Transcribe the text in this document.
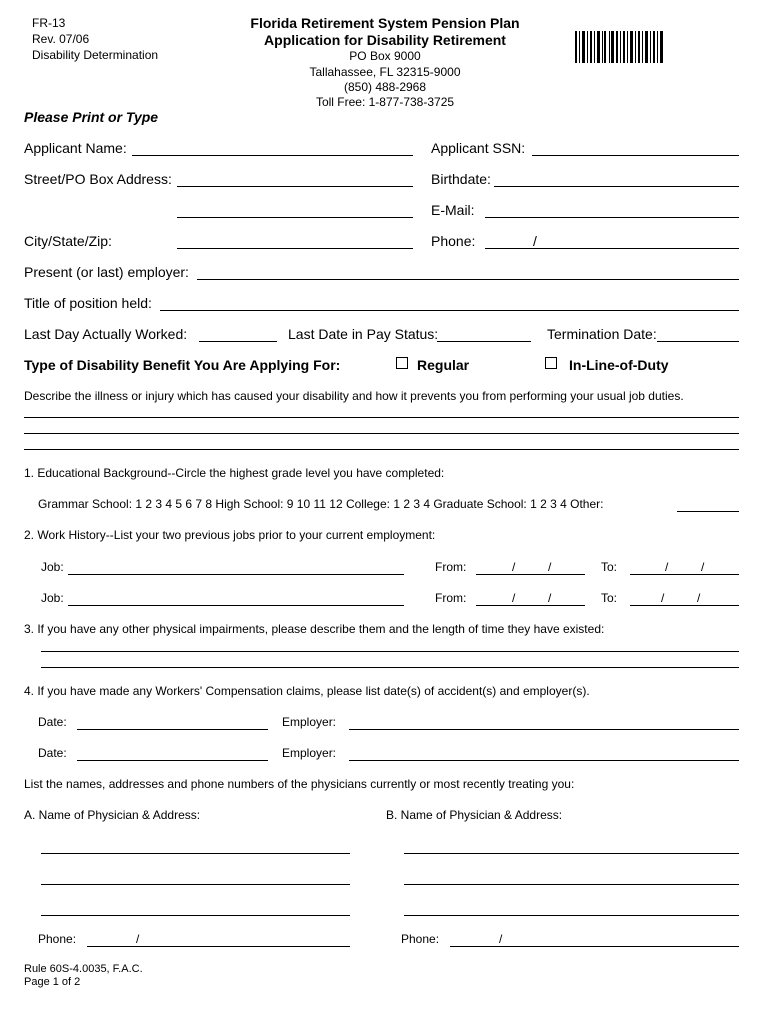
FR-13
Rev. 07/06
Disability Determination
Florida Retirement System Pension Plan
Application for Disability Retirement
PO Box 9000
Tallahassee, FL 32315-9000
(850) 488-2968
Toll Free: 1-877-738-3725
Please Print or Type
Applicant Name:	Applicant SSN:
Street/PO Box Address:	Birthdate:
E-Mail:
City/State/Zip:	Phone:	/
Present (or last) employer:
Title of position held:
Last Day Actually Worked:	Last Date in Pay Status:	Termination Date:
Type of Disability Benefit You Are Applying For:	Regular	In-Line-of-Duty
Describe the illness or injury which has caused your disability and how it prevents you from performing your usual job duties.
1. Educational Background--Circle the highest grade level you have completed:
Grammar School: 1 2 3 4 5 6 7 8 High School: 9 10 11 12 College: 1 2 3 4 Graduate School: 1 2 3 4 Other:
2. Work History--List your two previous jobs prior to your current employment:
Job:	From:	/	/	To:	/	/
Job:	From:	/	/	To:	/	/
3. If you have any other physical impairments, please describe them and the length of time they have existed:
4. If you have made any Workers' Compensation claims, please list date(s) of accident(s) and employer(s).
Date:	Employer:
Date:	Employer:
List the names, addresses and phone numbers of the physicians currently or most recently treating you:
A. Name of Physician & Address:	B. Name of Physician & Address:
Phone:	/	Phone:	/
Rule 60S-4.0035, F.A.C.
Page 1 of 2
